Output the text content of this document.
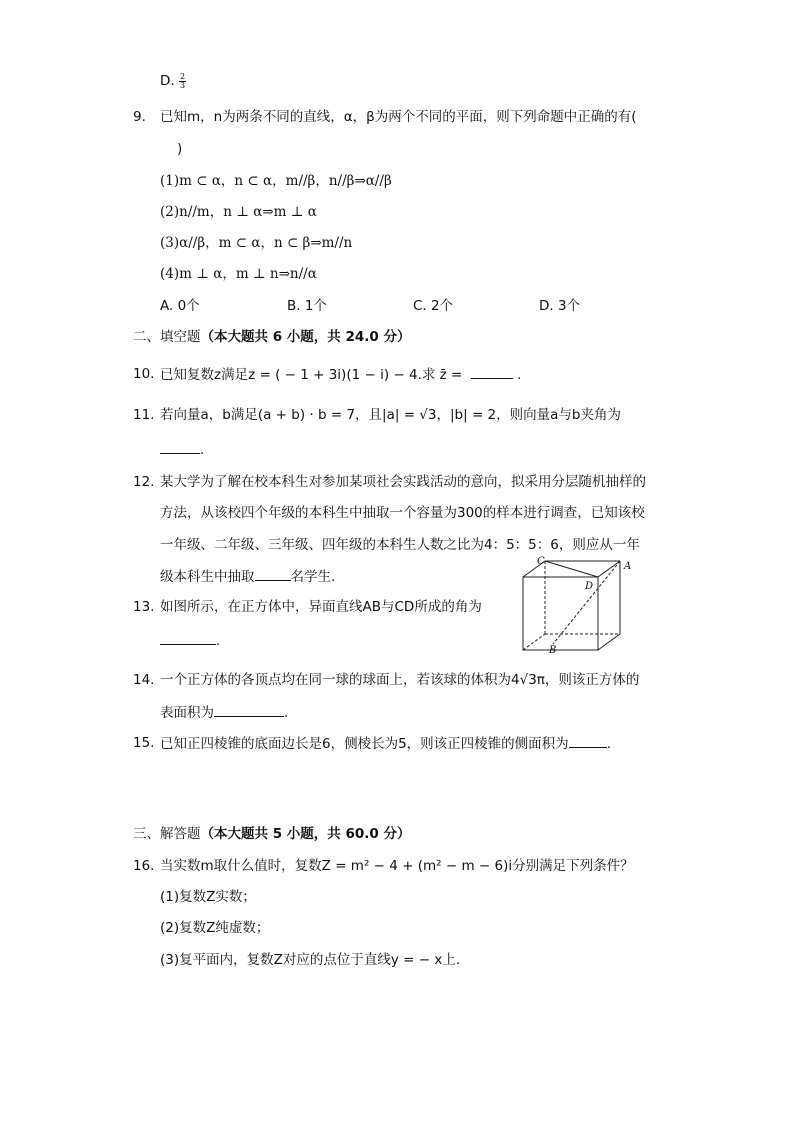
D. $\frac{2}{3}$
9. 已知m，n为两条不同的直线，α，β为两个不同的平面，则下列命题中正确的有(
)
(1)m ⊂ α，n ⊂ α，m//β，n//β⇒α//β
(2)n//m，n ⊥ α⇒m ⊥ α
(3)α//β，m ⊂ α，n ⊂ β⇒m//n
(4)m ⊥ α，m ⊥ n⇒n//α
A. 0个	B. 1个	C. 2个	D. 3个
二、填空题（本大题共 6 小题，共 24.0 分）
10. 已知复数z满足z = ( − 1 + 3i)(1 − i) − 4.求 z̄ =	.
11. 若向量a，b满足(a + b) · b = 7，且|a| = √3，|b| = 2，则向量a与b夹角为
.
12. 某大学为了解在校本科生对参加某项社会实践活动的意向，拟采用分层随机抽样的
方法，从该校四个年级的本科生中抽取一个容量为300的样本进行调查，已知该校
一年级、二年级、三年级、四年级的本科生人数之比为4：5：5：6，则应从一年
级本科生中抽取	名学生.
13. 如图所示，在正方体中，异面直线AB与CD所成的角为
.
C	A
D
B
14. 一个正方体的各顶点均在同一球的球面上，若该球的体积为4√3π，则该正方体的
表面积为	.
15. 已知正四棱锥的底面边长是6，侧棱长为5，则该正四棱锥的侧面积为	.
三、解答题（本大题共 5 小题，共 60.0 分）
16. 当实数m取什么值时，复数Z = m² − 4 + (m² − m − 6)i分别满足下列条件？
(1)复数Z实数；
(2)复数Z纯虚数；
(3)复平面内，复数Z对应的点位于直线y = − x上.
